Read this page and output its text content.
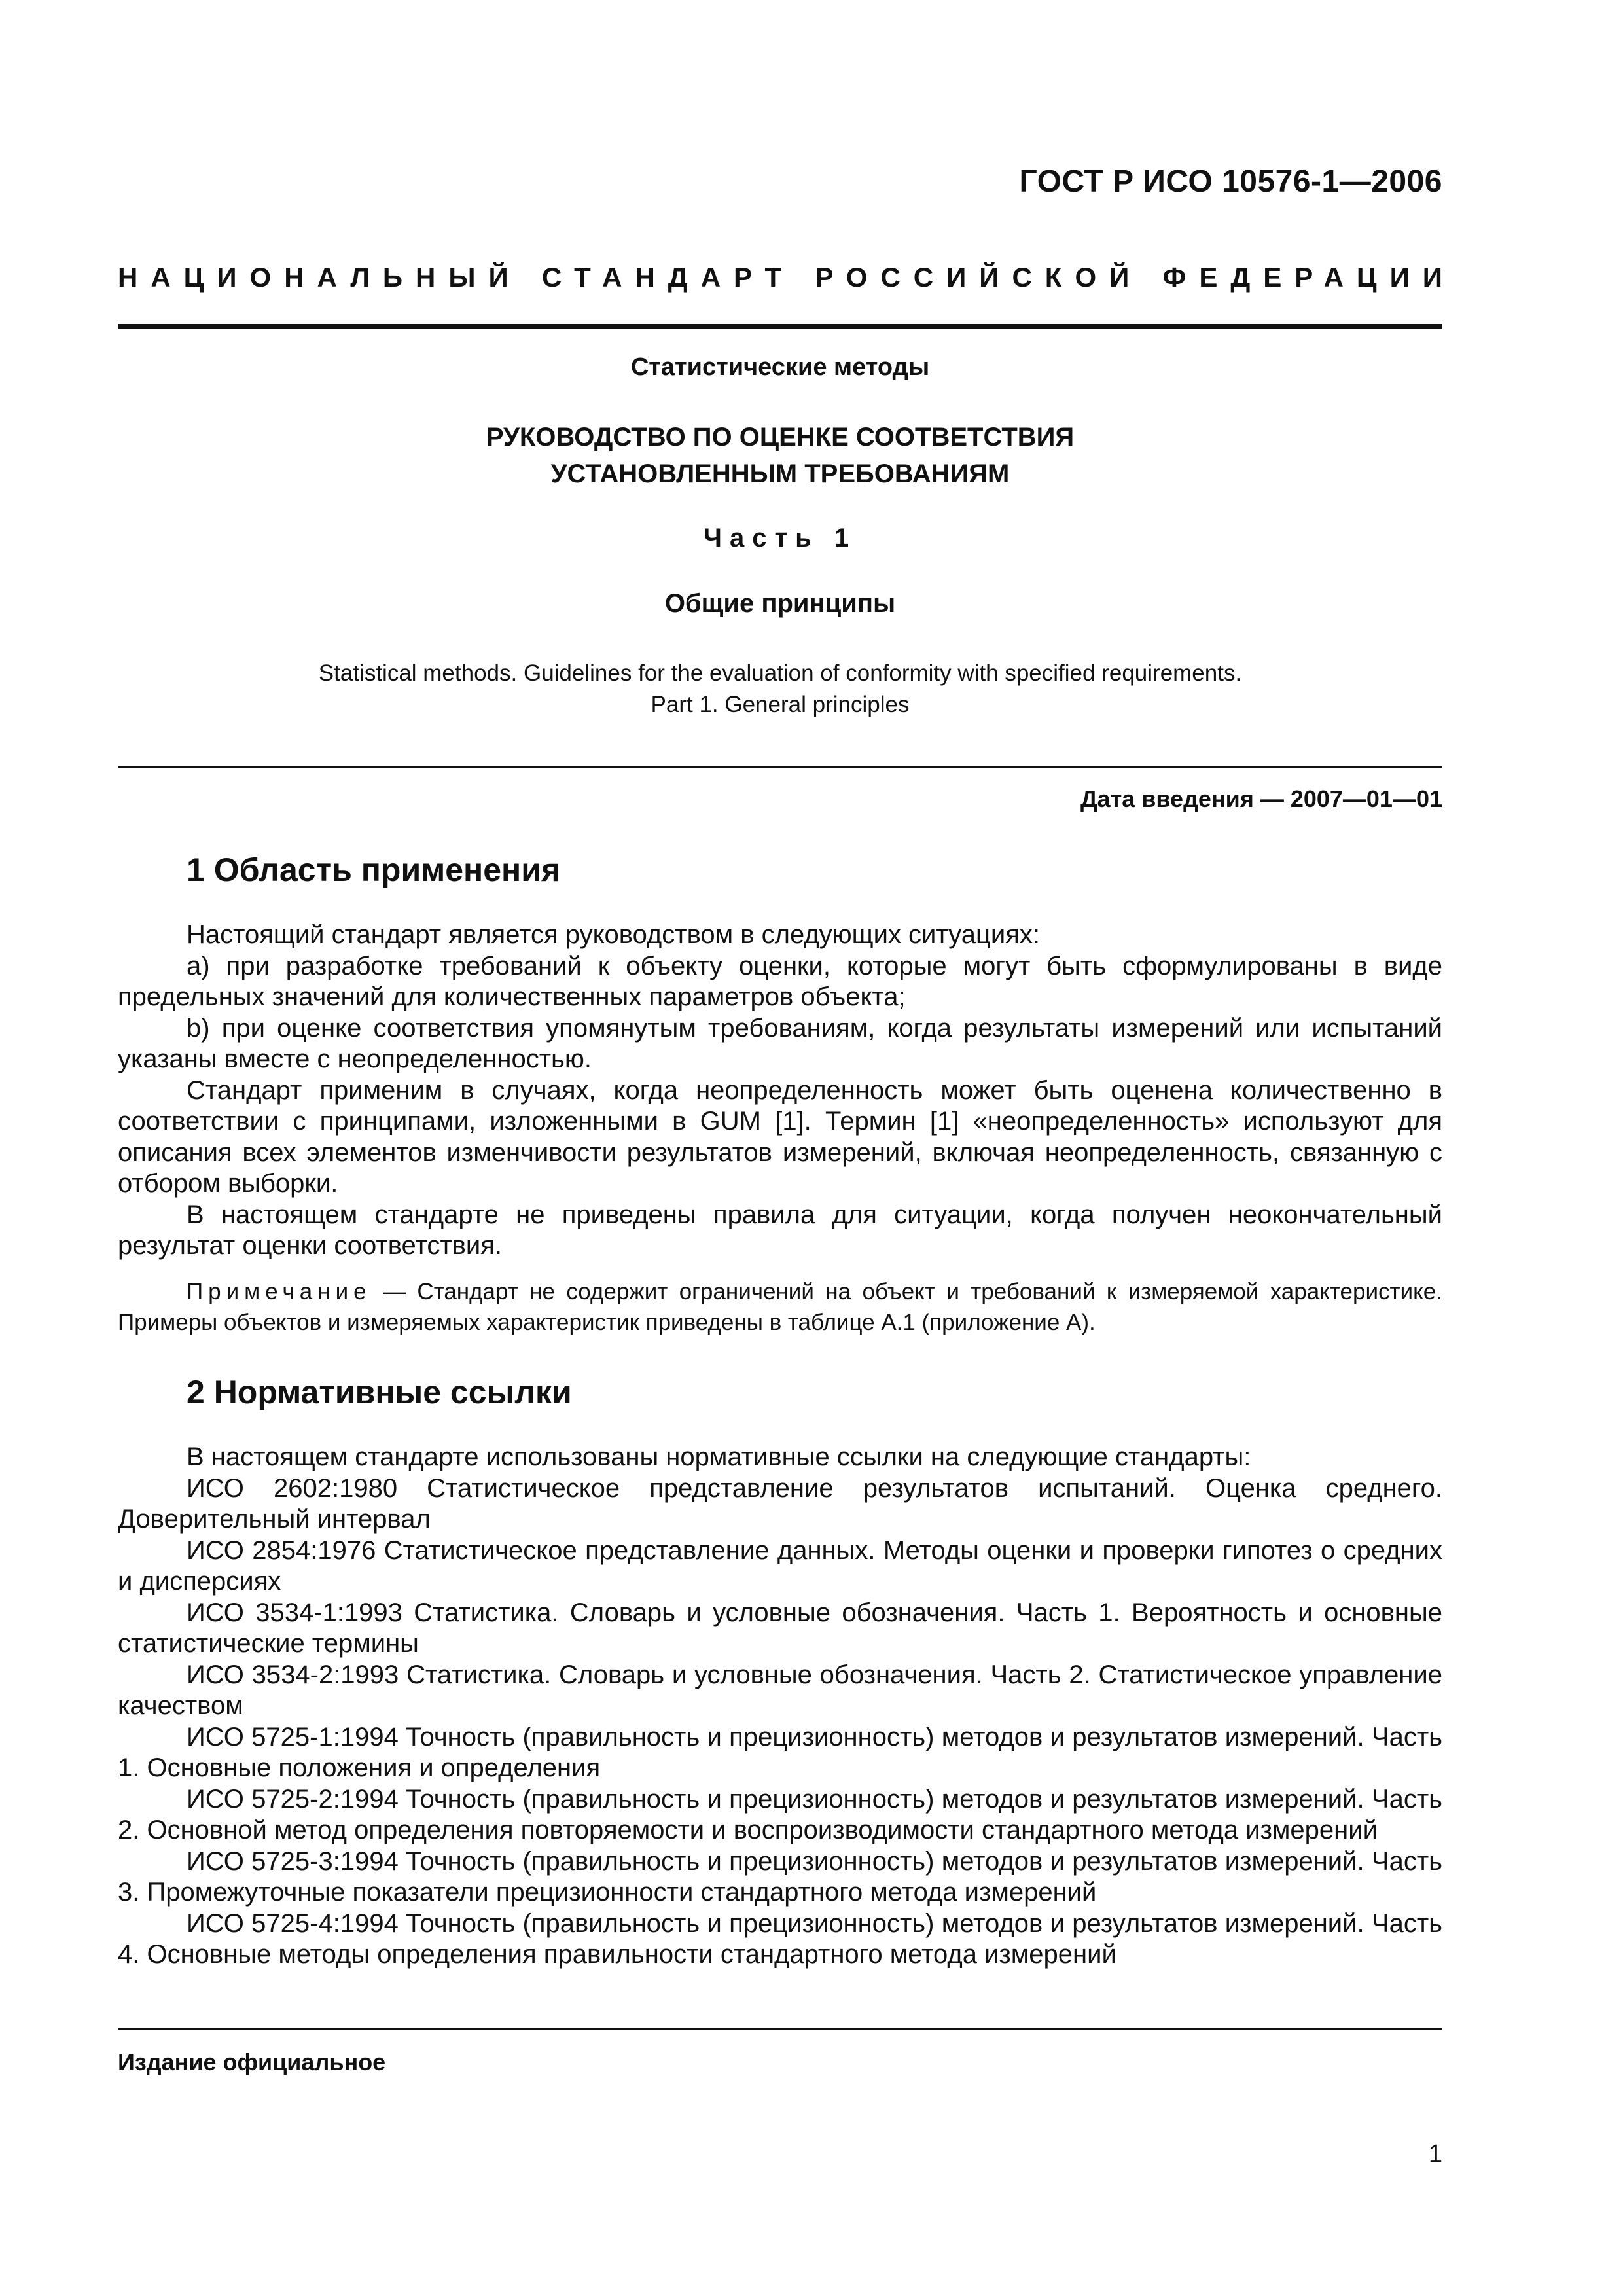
ГОСТ Р ИСО 10576-1—2006
НАЦИОНАЛЬНЫЙ СТАНДАРТ РОССИЙСКОЙ ФЕДЕРАЦИИ
Статистические методы
РУКОВОДСТВО ПО ОЦЕНКЕ СООТВЕТСТВИЯ
УСТАНОВЛЕННЫМ ТРЕБОВАНИЯМ
Часть 1
Общие принципы
Statistical methods. Guidelines for the evaluation of conformity with specified requirements.
Part 1. General principles
Дата введения — 2007—01—01
1 Область применения

Настоящий стандарт является руководством в следующих ситуациях:

a) при разработке требований к объекту оценки, которые могут быть сформулированы в виде предельных значений для количественных параметров объекта;

b) при оценке соответствия упомянутым требованиям, когда результаты измерений или испытаний указаны вместе с неопределенностью.

Стандарт применим в случаях, когда неопределенность может быть оценена количественно в соответствии с принципами, изложенными в GUM [1]. Термин [1] «неопределенность» используют для описания всех элементов изменчивости результатов измерений, включая неопределенность, связанную с отбором выборки.

В настоящем стандарте не приведены правила для ситуации, когда получен неокончательный результат оценки соответствия.

Примечание — Стандарт не содержит ограничений на объект и требований к измеряемой характеристике. Примеры объектов и измеряемых характеристик приведены в таблице А.1 (приложение А).

2 Нормативные ссылки

В настоящем стандарте использованы нормативные ссылки на следующие стандарты:

ИСО 2602:1980 Статистическое представление результатов испытаний. Оценка среднего. Доверительный интервал

ИСО 2854:1976 Статистическое представление данных. Методы оценки и проверки гипотез о средних и дисперсиях

ИСО 3534-1:1993 Статистика. Словарь и условные обозначения. Часть 1. Вероятность и основные статистические термины

ИСО 3534-2:1993 Статистика. Словарь и условные обозначения. Часть 2. Статистическое управление качеством

ИСО 5725-1:1994 Точность (правильность и прецизионность) методов и результатов измерений. Часть 1. Основные положения и определения

ИСО 5725-2:1994 Точность (правильность и прецизионность) методов и результатов измерений. Часть 2. Основной метод определения повторяемости и воспроизводимости стандартного метода измерений

ИСО 5725-3:1994 Точность (правильность и прецизионность) методов и результатов измерений. Часть 3. Промежуточные показатели прецизионности стандартного метода измерений

ИСО 5725-4:1994 Точность (правильность и прецизионность) методов и результатов измерений. Часть 4. Основные методы определения правильности стандартного метода измерений

Издание официальное
1
